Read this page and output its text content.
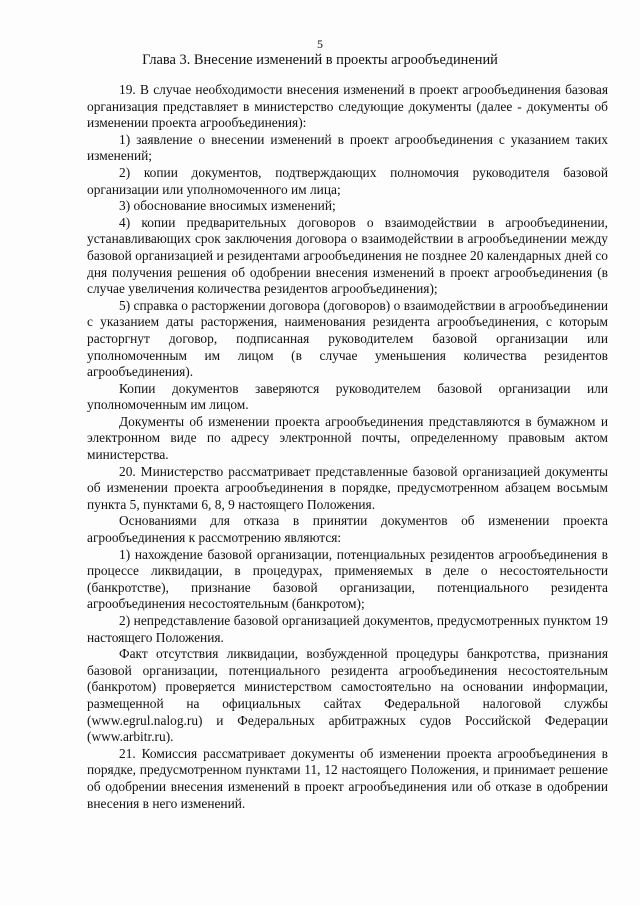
5
Глава 3. Внесение изменений в проекты агрообъединений

19. В случае необходимости внесения изменений в проект агрообъединения базовая организация представляет в министерство следующие документы (далее - документы об изменении проекта агрообъединения):

1) заявление о внесении изменений в проект агрообъединения с указанием таких изменений;

2) копии документов, подтверждающих полномочия руководителя базовой организации или уполномоченного им лица;

3) обоснование вносимых изменений;

4) копии предварительных договоров о взаимодействии в агрообъединении, устанавливающих срок заключения договора о взаимодействии в агрообъединении между базовой организацией и резидентами агрообъединения не позднее 20 календарных дней со дня получения решения об одобрении внесения изменений в проект агрообъединения (в случае увеличения количества резидентов агрообъединения);

5) справка о расторжении договора (договоров) о взаимодействии в агрообъединении с указанием даты расторжения, наименования резидента агрообъединения, с которым расторгнут договор, подписанная руководителем базовой организации или уполномоченным им лицом (в случае уменьшения количества резидентов агрообъединения).

Копии документов заверяются руководителем базовой организации или уполномоченным им лицом.

Документы об изменении проекта агрообъединения представляются в бумажном и электронном виде по адресу электронной почты, определенному правовым актом министерства.

20. Министерство рассматривает представленные базовой организацией документы об изменении проекта агрообъединения в порядке, предусмотренном абзацем восьмым пункта 5, пунктами 6, 8, 9 настоящего Положения.

Основаниями для отказа в принятии документов об изменении проекта агрообъединения к рассмотрению являются:

1) нахождение базовой организации, потенциальных резидентов агрообъединения в процессе ликвидации, в процедурах, применяемых в деле о несостоятельности (банкротстве), признание базовой организации, потенциального резидента агрообъединения несостоятельным (банкротом);

2) непредставление базовой организацией документов, предусмотренных пунктом 19 настоящего Положения.

Факт отсутствия ликвидации, возбужденной процедуры банкротства, признания базовой организации, потенциального резидента агрообъединения несостоятельным (банкротом) проверяется министерством самостоятельно на основании информации, размещенной на официальных сайтах Федеральной налоговой службы (www.egrul.nalog.ru) и Федеральных арбитражных судов Российской Федерации (www.arbitr.ru).

21. Комиссия рассматривает документы об изменении проекта агрообъединения в порядке, предусмотренном пунктами 11, 12 настоящего Положения, и принимает решение об одобрении внесения изменений в проект агрообъединения или об отказе в одобрении внесения в него изменений.
